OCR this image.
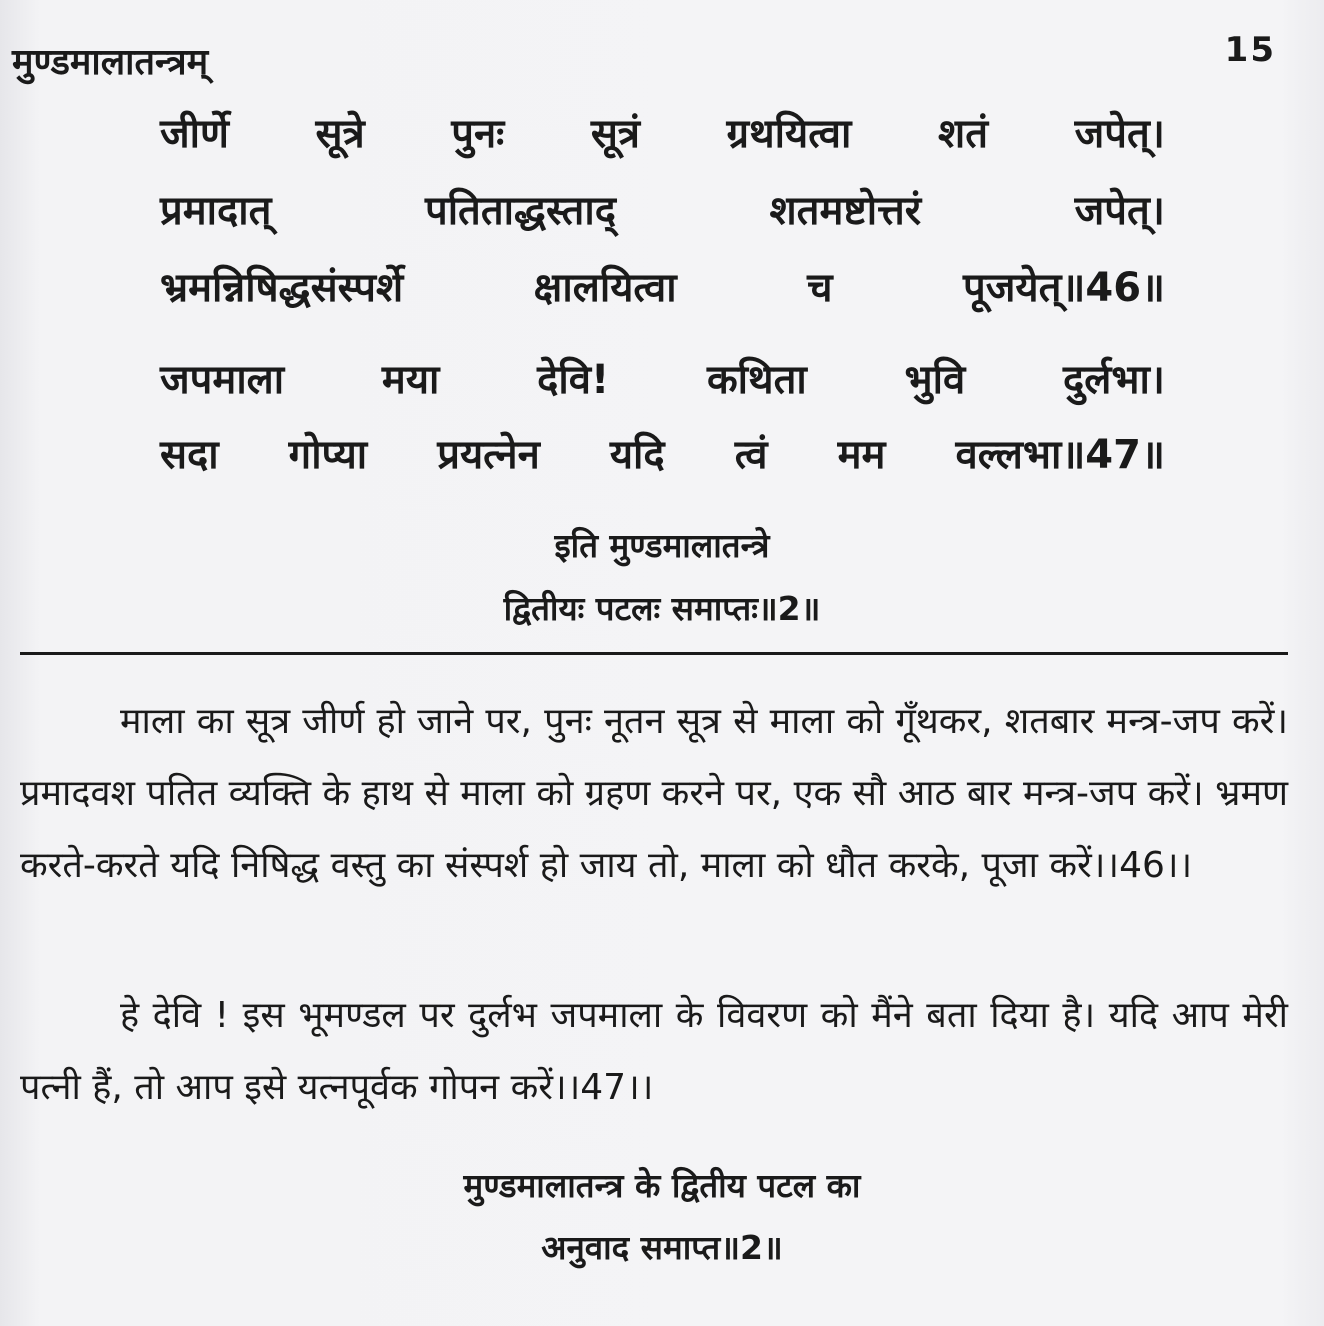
मुण्डमालातन्त्रम्	15
जीर्णे सूत्रे पुनः सूत्रं ग्रथयित्वा शतं जपेत्।
प्रमादात्	पतिताद्धस्ताद्	शतमष्टोत्तरं	जपेत्।
भ्रमन्निषिद्धसंस्पर्शे	क्षालयित्वा	च	पूजयेत्॥46॥
जपमाला मया देवि! कथिता भुवि दुर्लभा।
सदा गोप्या प्रयत्नेन यदि त्वं मम वल्लभा॥47॥
इति मुण्डमालातन्त्रे
द्वितीयः पटलः समाप्तः॥2॥

माला का सूत्र जीर्ण हो जाने पर, पुनः नूतन सूत्र से माला को गूँथकर, शतबार मन्त्र-जप करें। प्रमादवश पतित व्यक्ति के हाथ से माला को ग्रहण करने पर, एक सौ आठ बार मन्त्र-जप करें। भ्रमण करते-करते यदि निषिद्ध वस्तु का संस्पर्श हो जाय तो, माला को धौत करके, पूजा करें।।46।।

हे देवि ! इस भूमण्डल पर दुर्लभ जपमाला के विवरण को मैंने बता दिया है। यदि आप मेरी पत्नी हैं, तो आप इसे यत्नपूर्वक गोपन करें।।47।।

मुण्डमालातन्त्र के द्वितीय पटल का
अनुवाद समाप्त॥2॥
